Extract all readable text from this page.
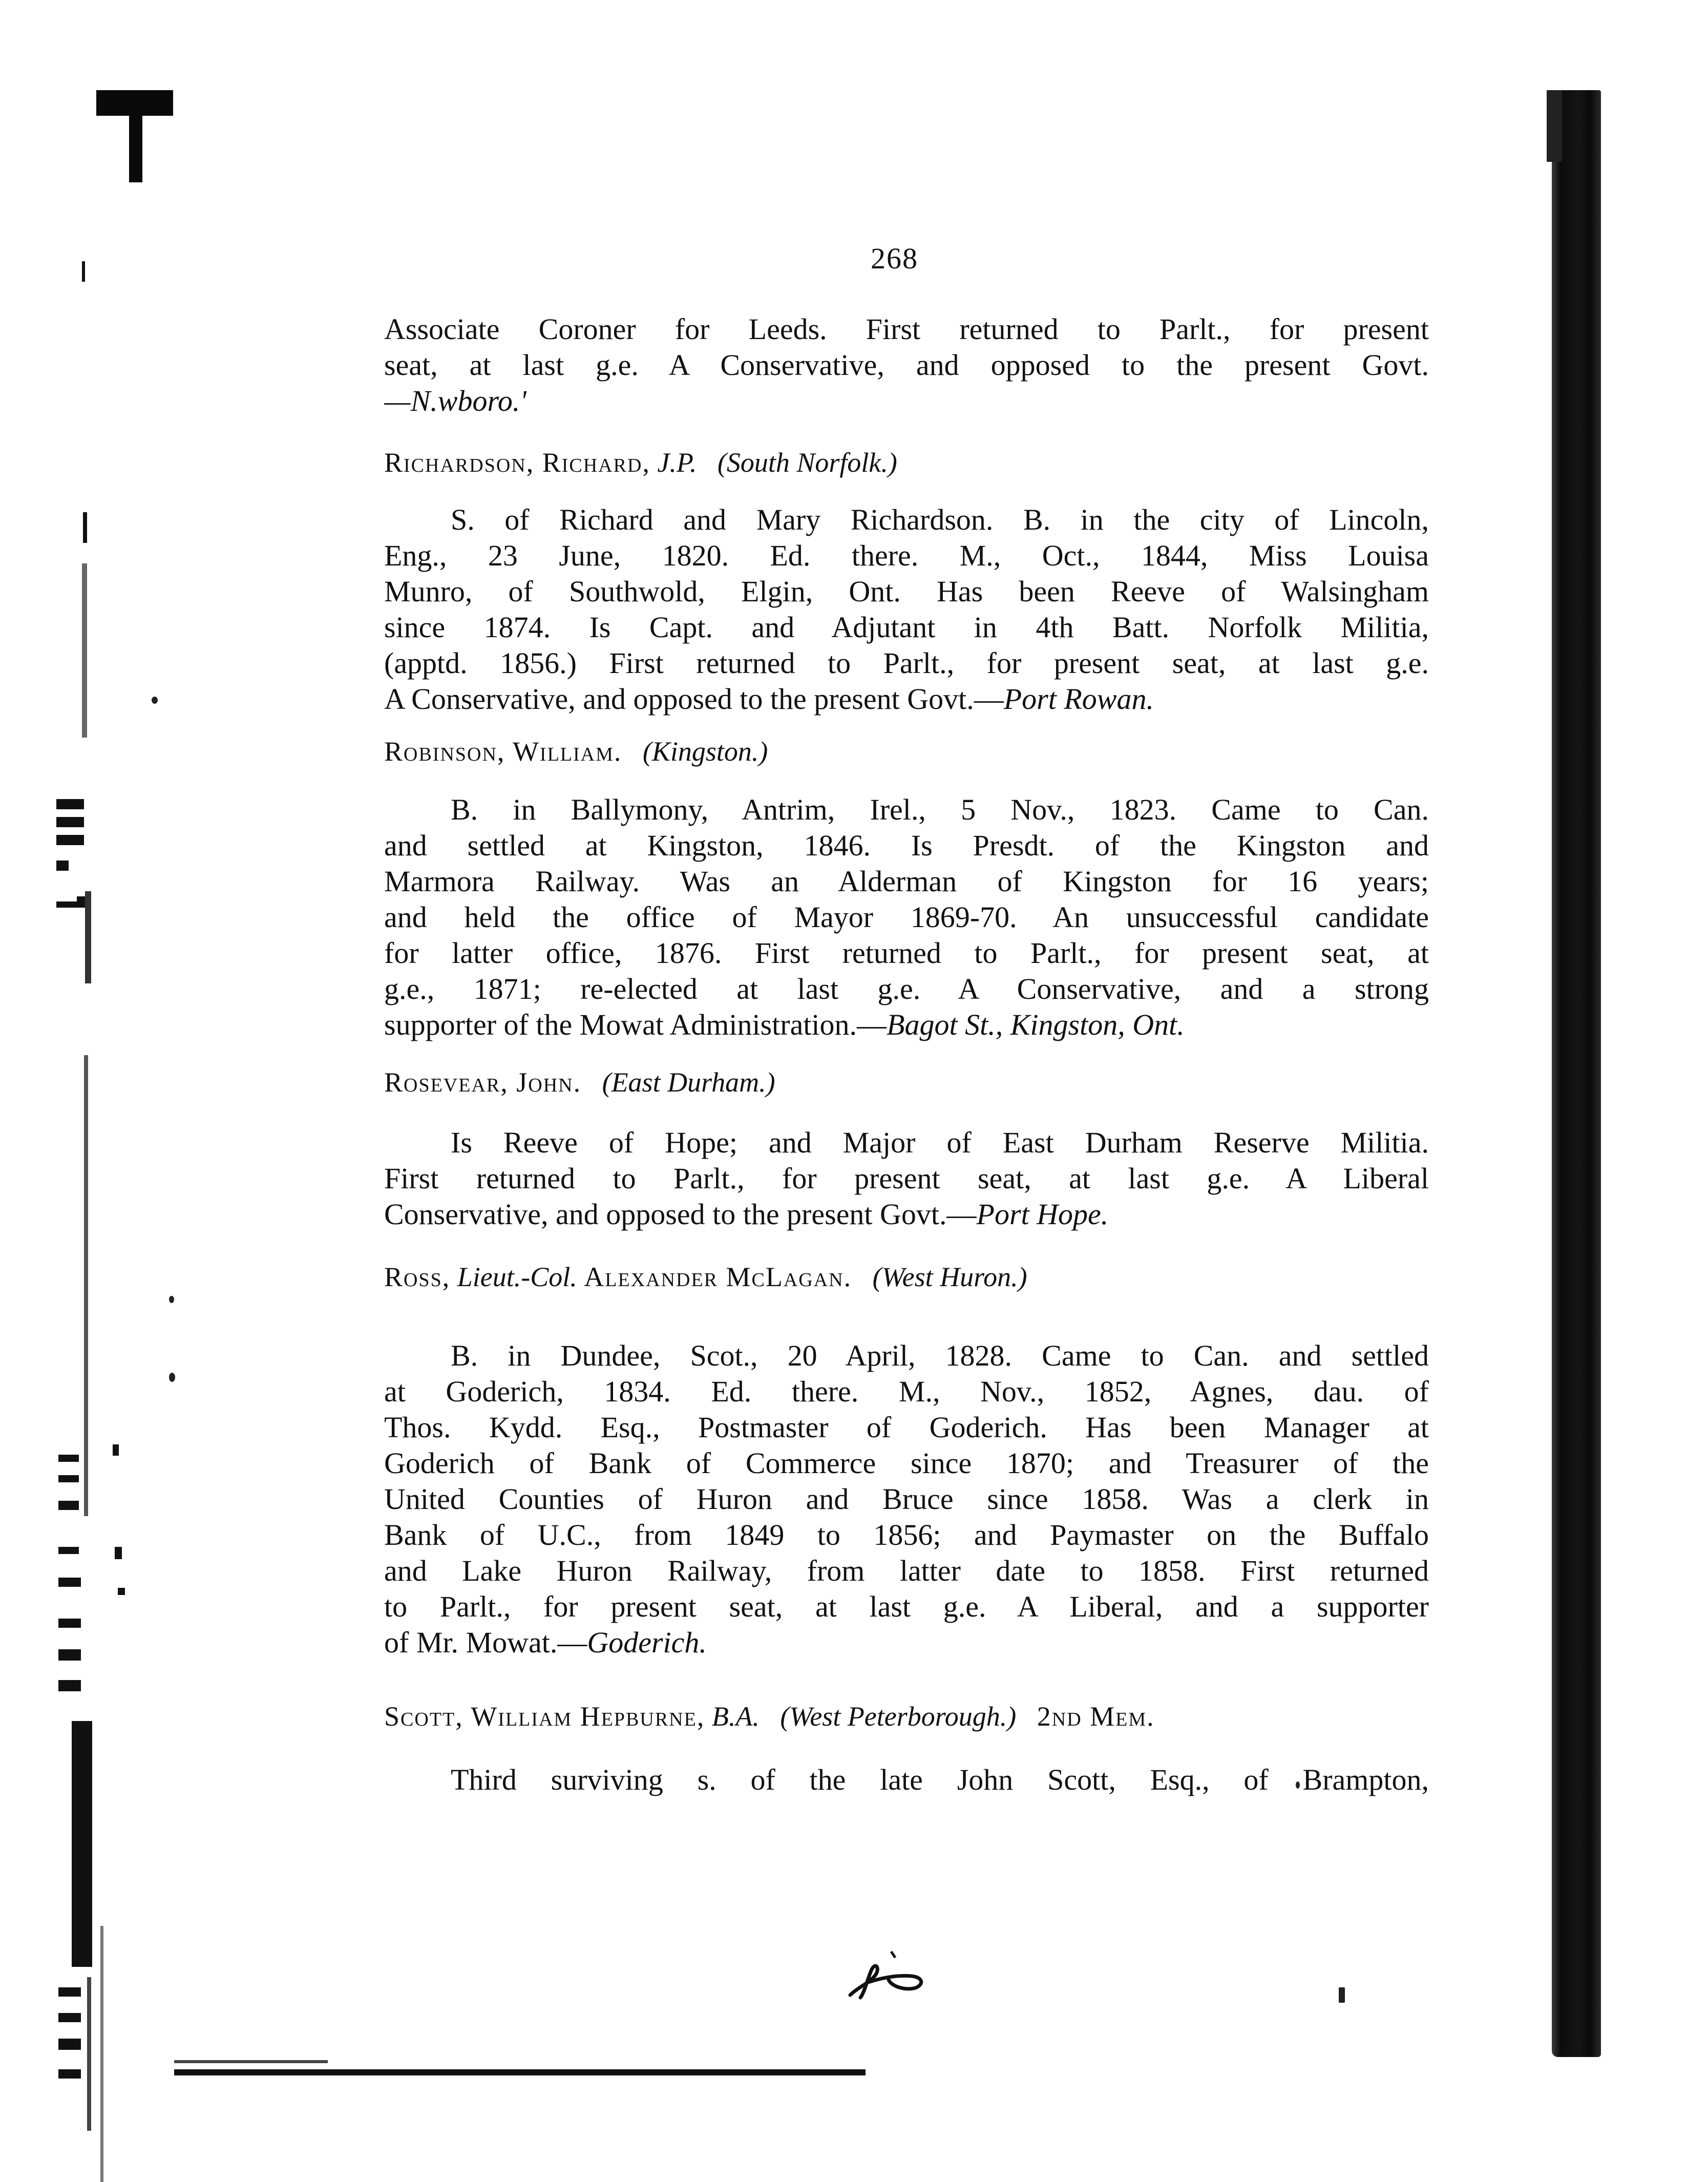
268
Associate Coroner for Leeds. First returned to Parlt., for present
seat, at last g.e. A Conservative, and opposed to the present Govt.
—N.wboro.'
Richardson, Richard, J.P. (South Norfolk.)
S. of Richard and Mary Richardson. B. in the city of Lincoln,
Eng., 23 June, 1820. Ed. there. M., Oct., 1844, Miss Louisa
Munro, of Southwold, Elgin, Ont. Has been Reeve of Walsingham
since 1874. Is Capt. and Adjutant in 4th Batt. Norfolk Militia,
(apptd. 1856.) First returned to Parlt., for present seat, at last g.e.
A Conservative, and opposed to the present Govt.—Port Rowan.
Robinson, William. (Kingston.)
B. in Ballymony, Antrim, Irel., 5 Nov., 1823. Came to Can.
and settled at Kingston, 1846. Is Presdt. of the Kingston and
Marmora Railway. Was an Alderman of Kingston for 16 years;
and held the office of Mayor 1869-70. An unsuccessful candidate
for latter office, 1876. First returned to Parlt., for present seat, at
g.e., 1871; re-elected at last g.e. A Conservative, and a strong
supporter of the Mowat Administration.—Bagot St., Kingston, Ont.
Rosevear, John. (East Durham.)
Is Reeve of Hope; and Major of East Durham Reserve Militia.
First returned to Parlt., for present seat, at last g.e. A Liberal
Conservative, and opposed to the present Govt.—Port Hope.
Ross, Lieut.-Col. Alexander McLagan. (West Huron.)
B. in Dundee, Scot., 20 April, 1828. Came to Can. and settled
at Goderich, 1834. Ed. there. M., Nov., 1852, Agnes, dau. of
Thos. Kydd. Esq., Postmaster of Goderich. Has been Manager at
Goderich of Bank of Commerce since 1870; and Treasurer of the
United Counties of Huron and Bruce since 1858. Was a clerk in
Bank of U.C., from 1849 to 1856; and Paymaster on the Buffalo
and Lake Huron Railway, from latter date to 1858. First returned
to Parlt., for present seat, at last g.e. A Liberal, and a supporter
of Mr. Mowat.—Goderich.
Scott, William Hepburne, B.A. (West Peterborough.) 2nd Mem.
Third surviving s. of the late John Scott, Esq., of Brampton,
